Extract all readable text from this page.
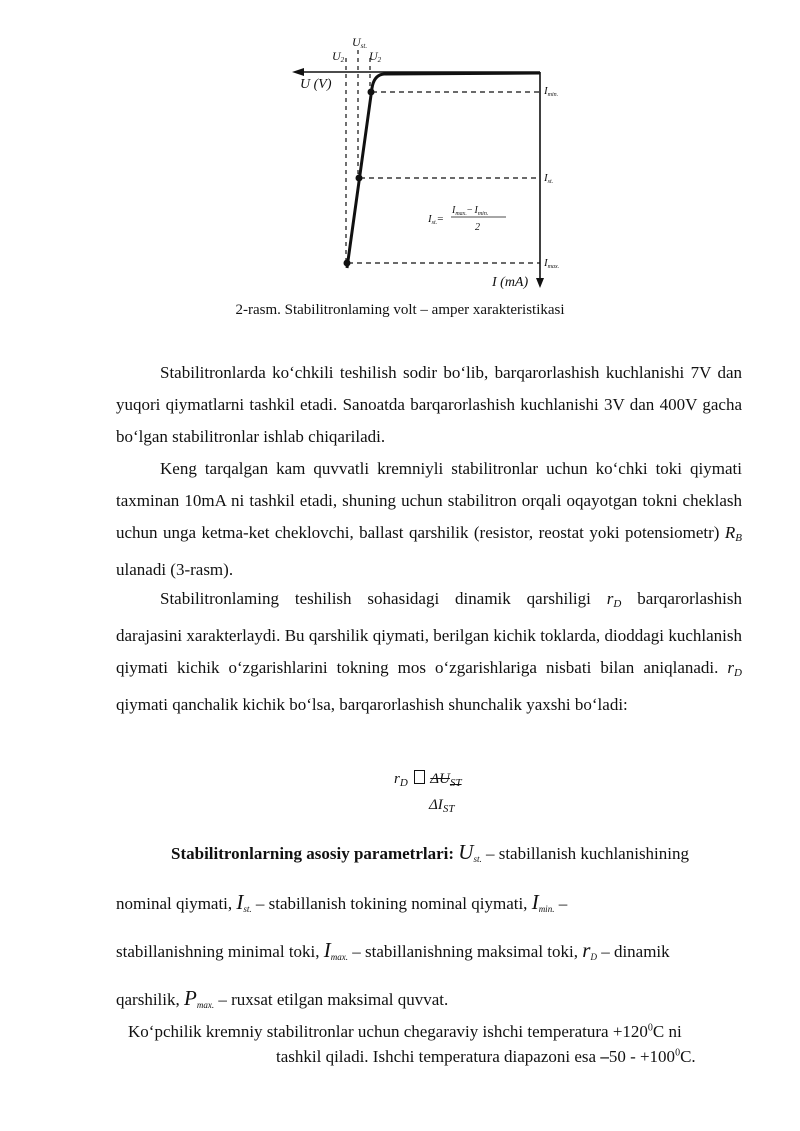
Ust.
U2 U2
U (V)	Imin.
Ist.
Imax.
I (mA)
Ist.=
$I_{max.}- I_{min.}$
2
2-rasm. Stabilitronlaming volt – amper xarakteristikasi

Stabilitronlarda ko‘chkili teshilish sodir bo‘lib, barqarorlashish kuchlanishi 7V dan yuqori qiymatlarni tashkil etadi. Sanoatda barqarorlashish kuchlanishi 3V dan 400V gacha bo‘lgan stabilitronlar ishlab chiqariladi.

Keng tarqalgan kam quvvatli kremniyli stabilitronlar uchun ko‘chki toki qiymati taxminan 10mA ni tashkil etadi, shuning uchun stabilitron orqali oqayotgan tokni cheklash uchun unga ketma-ket cheklovchi, ballast qarshilik (resistor, reostat yoki potensiometr) $R_B$ ulanadi (3-rasm).

Stabilitronlaming teshilish sohasidagi dinamik qarshiligi $r_D$ barqarorlashish darajasini xarakterlaydi. Bu qarshilik qiymati, berilgan kichik toklarda, dioddagi kuchlanish qiymati kichik o‘zgarishlarini tokning mos o‘zgarishlariga nisbati bilan aniqlanadi. $r_D$ qiymati qanchalik kichik bo‘lsa, barqarorlashish shunchalik yaxshi bo‘ladi:

$r_D$ $\Delta U_{ST}$
$\Delta I_{ST}$
Stabilitronlarning asosiy parametrlari: $U_{st.}$ – stabillanish kuchlanishining
nominal qiymati, $I_{st.}$ – stabillanish tokining nominal qiymati, $I_{min.}$ –
stabillanishning minimal toki, $I_{max.}$ – stabillanishning maksimal toki, $r_D$ – dinamik
qarshilik, $P_{max.}$ – ruxsat etilgan maksimal quvvat.
Ko‘pchilik kremniy stabilitronlar uchun chegaraviy ishchi temperatura $+120^0C$ ni
tashkil qiladi. Ishchi temperatura diapazoni esa $-50 - +100^0C$.
